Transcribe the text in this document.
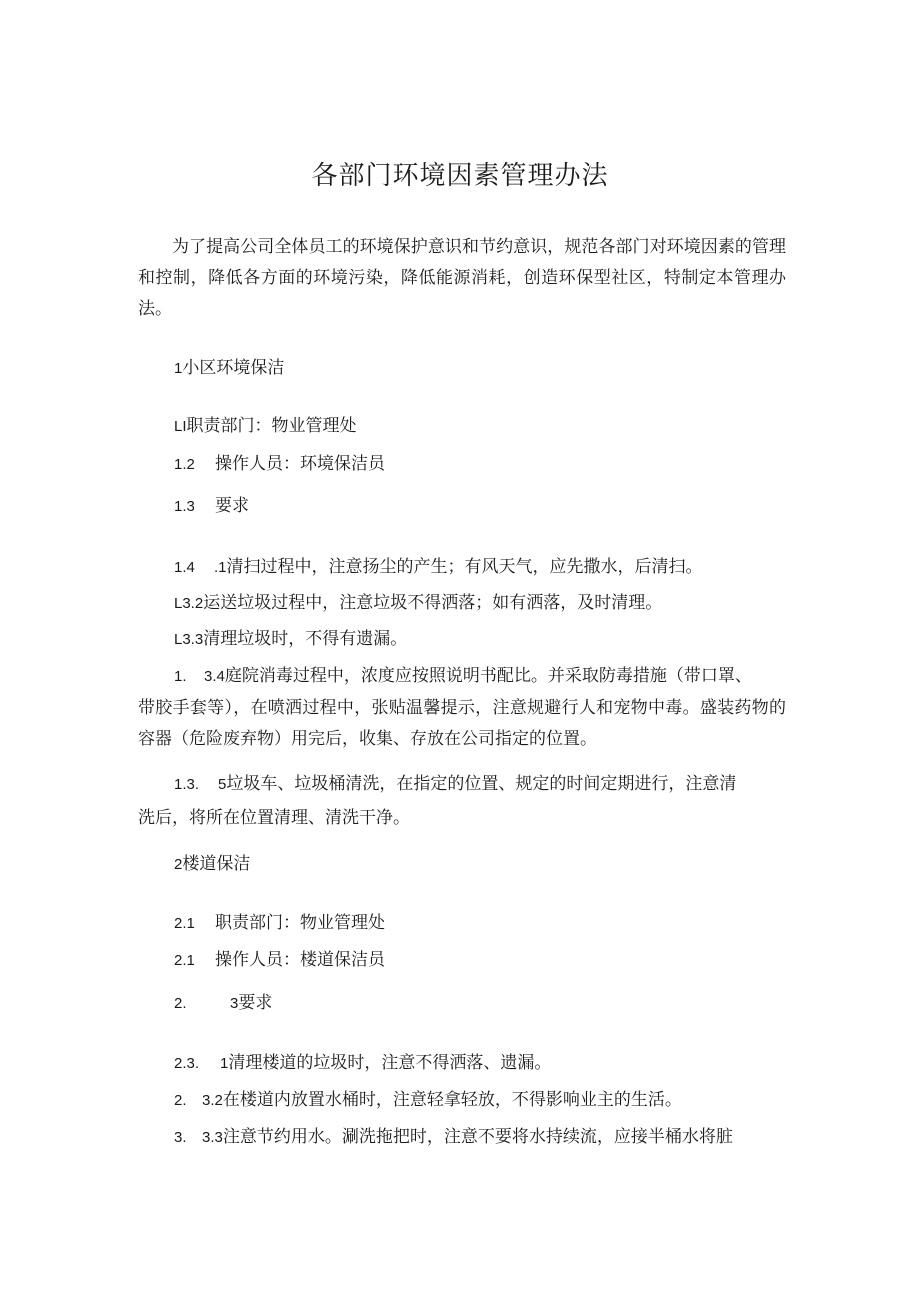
各部门环境因素管理办法

为了提高公司全体员工的环境保护意识和节约意识，规范各部门对环境因素的管理和控制，降低各方面的环境污染，降低能源消耗，创造环保型社区，特制定本管理办法。

1小区环境保洁

LI职责部门：物业管理处

1.2 操作人员：环境保洁员

1.3 要求

1.4 .1清扫过程中，注意扬尘的产生；有风天气，应先撒水，后清扫。

L3.2运送垃圾过程中，注意垃圾不得洒落；如有洒落，及时清理。

L3.3清理垃圾时，不得有遗漏。

1. 3.4庭院消毒过程中，浓度应按照说明书配比。并采取防毒措施（带口罩、

带胶手套等），在喷洒过程中，张贴温馨提示，注意规避行人和宠物中毒。盛装药物的容器（危险废弃物）用完后，收集、存放在公司指定的位置。

1.3. 5垃圾车、垃圾桶清洗，在指定的位置、规定的时间定期进行，注意清

洗后，将所在位置清理、清洗干净。

2楼道保洁

2.1 职责部门：物业管理处

2.1 操作人员：楼道保洁员

2.	3要求

2.3. 1清理楼道的垃圾时，注意不得洒落、遗漏。

2. 3.2在楼道内放置水桶时，注意轻拿轻放，不得影响业主的生活。

3. 3.3注意节约用水。涮洗拖把时，注意不要将水持续流，应接半桶水将脏
